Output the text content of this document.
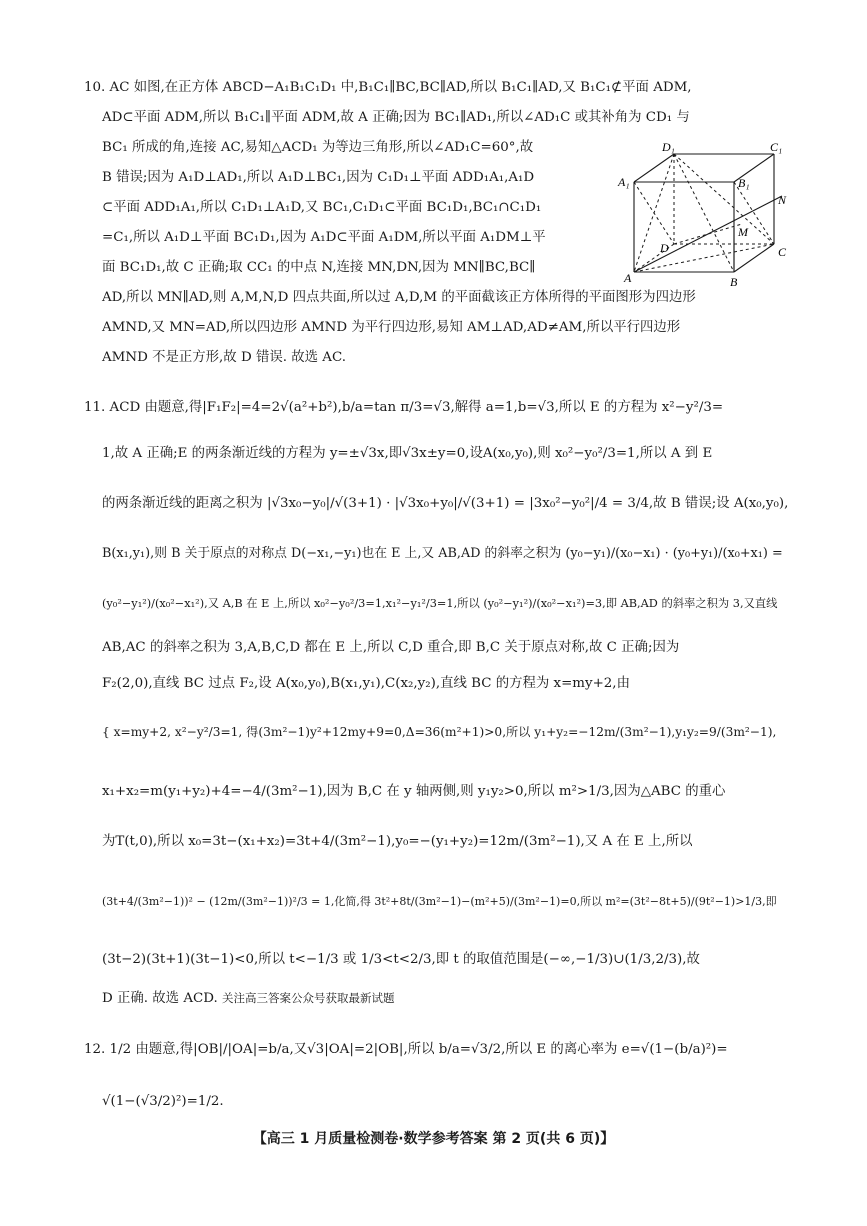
10. AC 如图,在正方体 ABCD−A₁B₁C₁D₁ 中,B₁C₁∥BC,BC∥AD,所以 B₁C₁∥AD,又 B₁C₁⊄平面 ADM,
AD⊂平面 ADM,所以 B₁C₁∥平面 ADM,故 A 正确;因为 BC₁∥AD₁,所以∠AD₁C 或其补角为 CD₁ 与
BC₁ 所成的角,连接 AC,易知△ACD₁ 为等边三角形,所以∠AD₁C=60°,故
B 错误;因为 A₁D⊥AD₁,所以 A₁D⊥BC₁,因为 C₁D₁⊥平面 ADD₁A₁,A₁D
⊂平面 ADD₁A₁,所以 C₁D₁⊥A₁D,又 BC₁,C₁D₁⊂平面 BC₁D₁,BC₁∩C₁D₁
=C₁,所以 A₁D⊥平面 BC₁D₁,因为 A₁D⊂平面 A₁DM,所以平面 A₁DM⊥平
面 BC₁D₁,故 C 正确;取 CC₁ 的中点 N,连接 MN,DN,因为 MN∥BC,BC∥
AD,所以 MN∥AD,则 A,M,N,D 四点共面,所以过 A,D,M 的平面截该正方体所得的平面图形为四边形
AMND,又 MN=AD,所以四边形 AMND 为平行四边形,易知 AM⊥AD,AD≠AM,所以平行四边形
AMND 不是正方形,故 D 错误. 故选 AC.
D₁	C₁
A₁	B₁
N
M
D	C
A	B
11. ACD 由题意,得|F₁F₂|=4=2√(a²+b²),b/a=tan π/3=√3,解得 a=1,b=√3,所以 E 的方程为 x²−y²/3=
1,故 A 正确;E 的两条渐近线的方程为 y=±√3x,即√3x±y=0,设A(x₀,y₀),则 x₀²−y₀²/3=1,所以 A 到 E
的两条渐近线的距离之积为 |√3x₀−y₀|/√(3+1) · |√3x₀+y₀|/√(3+1) = |3x₀²−y₀²|/4 = 3/4,故 B 错误;设 A(x₀,y₀),
B(x₁,y₁),则 B 关于原点的对称点 D(−x₁,−y₁)也在 E 上,又 AB,AD 的斜率之积为 (y₀−y₁)/(x₀−x₁) · (y₀+y₁)/(x₀+x₁) =
(y₀²−y₁²)/(x₀²−x₁²),又 A,B 在 E 上,所以 x₀²−y₀²/3=1,x₁²−y₁²/3=1,所以 (y₀²−y₁²)/(x₀²−x₁²)=3,即 AB,AD 的斜率之积为 3,又直线
AB,AC 的斜率之积为 3,A,B,C,D 都在 E 上,所以 C,D 重合,即 B,C 关于原点对称,故 C 正确;因为
F₂(2,0),直线 BC 过点 F₂,设 A(x₀,y₀),B(x₁,y₁),C(x₂,y₂),直线 BC 的方程为 x=my+2,由
{ x=my+2, x²−y²/3=1, 得(3m²−1)y²+12my+9=0,Δ=36(m²+1)>0,所以 y₁+y₂=−12m/(3m²−1),y₁y₂=9/(3m²−1),
x₁+x₂=m(y₁+y₂)+4=−4/(3m²−1),因为 B,C 在 y 轴两侧,则 y₁y₂>0,所以 m²>1/3,因为△ABC 的重心
为T(t,0),所以 x₀=3t−(x₁+x₂)=3t+4/(3m²−1),y₀=−(y₁+y₂)=12m/(3m²−1),又 A 在 E 上,所以
(3t+4/(3m²−1))² − (12m/(3m²−1))²/3 = 1,化简,得 3t²+8t/(3m²−1)−(m²+5)/(3m²−1)=0,所以 m²=(3t²−8t+5)/(9t²−1)>1/3,即
(3t−2)(3t+1)(3t−1)<0,所以 t<−1/3 或 1/3<t<2/3,即 t 的取值范围是(−∞,−1/3)∪(1/3,2/3),故
D 正确. 故选 ACD. 关注高三答案公众号获取最新试题
12. 1/2 由题意,得|OB|/|OA|=b/a,又√3|OA|=2|OB|,所以 b/a=√3/2,所以 E 的离心率为 e=√(1−(b/a)²)=
√(1−(√3/2)²)=1/2.
【高三 1 月质量检测卷·数学参考答案 第 2 页(共 6 页)】
